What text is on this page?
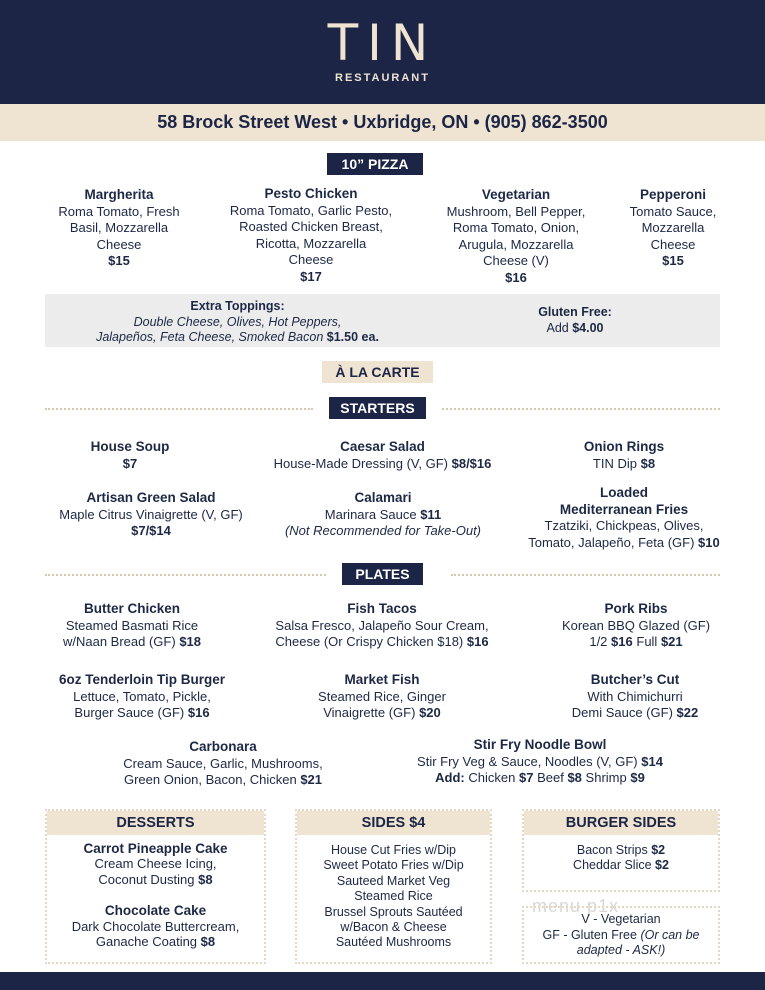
TIN
RESTAURANT
58 Brock Street West • Uxbridge, ON • (905) 862-3500
10” PIZZA
Margherita
Roma Tomato, Fresh
Basil, Mozzarella
Cheese
$15
Pesto Chicken
Roma Tomato, Garlic Pesto,
Roasted Chicken Breast,
Ricotta, Mozzarella
Cheese
$17
Vegetarian
Mushroom, Bell Pepper,
Roma Tomato, Onion,
Arugula, Mozzarella
Cheese (V)
$16
Pepperoni
Tomato Sauce,
Mozzarella
Cheese
$15
Extra Toppings:
Double Cheese, Olives, Hot Peppers,
Jalapeños, Feta Cheese, Smoked Bacon $1.50 ea.
Gluten Free:
Add $4.00
À LA CARTE
STARTERS
House Soup
$7
Caesar Salad
House-Made Dressing (V, GF) $8/$16
Onion Rings
TIN Dip $8
Artisan Green Salad
Maple Citrus Vinaigrette (V, GF)
$7/$14
Calamari
Marinara Sauce $11
(Not Recommended for Take-Out)
Loaded
Mediterranean Fries
Tzatziki, Chickpeas, Olives,
Tomato, Jalapeño, Feta (GF) $10
PLATES
Butter Chicken
Steamed Basmati Rice
w/Naan Bread (GF) $18
Fish Tacos
Salsa Fresco, Jalapeño Sour Cream,
Cheese (Or Crispy Chicken $18) $16
Pork Ribs
Korean BBQ Glazed (GF)
1/2 $16 Full $21
6oz Tenderloin Tip Burger
Lettuce, Tomato, Pickle,
Burger Sauce (GF) $16
Market Fish
Steamed Rice, Ginger
Vinaigrette (GF) $20
Butcher’s Cut
With Chimichurri
Demi Sauce (GF) $22
Carbonara
Cream Sauce, Garlic, Mushrooms,
Green Onion, Bacon, Chicken $21
Stir Fry Noodle Bowl
Stir Fry Veg & Sauce, Noodles (V, GF) $14
Add: Chicken $7 Beef $8 Shrimp $9
DESSERTS
Carrot Pineapple Cake
Cream Cheese Icing,
Coconut Dusting $8
Chocolate Cake
Dark Chocolate Buttercream,
Ganache Coating $8
SIDES $4
House Cut Fries w/Dip
Sweet Potato Fries w/Dip
Sauteed Market Veg
Steamed Rice
Brussel Sprouts Sautéed
w/Bacon & Cheese
Sautéed Mushrooms
BURGER SIDES
Bacon Strips $2
Cheddar Slice $2
menu p1x
V - Vegetarian
GF - Gluten Free (Or can be
adapted - ASK!)
